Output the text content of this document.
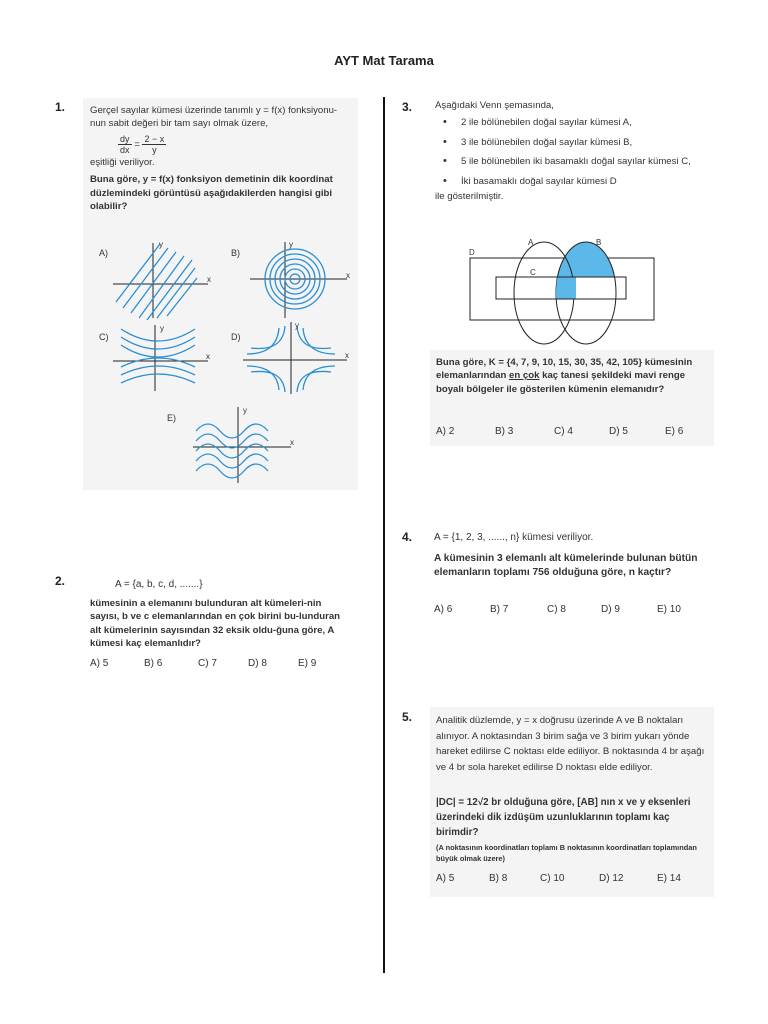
AYT Mat Tarama
1.	Gerçel sayılar kümesi üzerinde tanımlı y = f(x) fonksiyonu-
nun sabit değeri bir tam sayı olmak üzere,
$\frac{dy}{dx} = \frac{2 - x}{y}$
eşitliği veriliyor.
Buna göre, y = f(x) fonksiyon demetinin dik koordinat düzlemindeki görüntüsü aşağıdakilerden hangisi gibi olabilir?
A)
y
x
B)
y
x
C)
y
x
D)
y
x
E)
y
x
2.	A = {a, b, c, d, .......}
kümesinin a elemanını bulunduran alt kümeleri-nin sayısı, b ve c elemanlarından en çok birini bu-lunduran alt kümelerinin sayısından 32 eksik oldu-ğuna göre, A kümesi kaç elemanlıdır?
A) 5	B) 6	C) 7	D) 8	E) 9
3. Aşağıdaki Venn şemasında,
• 2 ile bölünebilen doğal sayılar kümesi A,
• 3 ile bölünebilen doğal sayılar kümesi B,
• 5 ile bölünebilen iki basamaklı doğal sayılar kümesi C,
• İki basamaklı doğal sayılar kümesi D
ile gösterilmiştir.
A	B
C
D
Buna göre, K = {4, 7, 9, 10, 15, 30, 35, 42, 105} kümesinin elemanlarından en çok kaç tanesi şekildeki mavi renge boyalı bölgeler ile gösterilen kümenin elemanıdır?
A) 2	B) 3	C) 4	D) 5	E) 6
4. A = {1, 2, 3, ......, n} kümesi veriliyor.
A kümesinin 3 elemanlı alt kümelerinde bulunan bütün elemanların toplamı 756 olduğuna göre, n kaçtır?
A) 6	B) 7	C) 8	D) 9	E) 10
5. Analitik düzlemde, y = x doğrusu üzerinde A ve B noktaları alınıyor. A noktasından 3 birim sağa ve 3 birim yukarı yönde hareket edilirse C noktası elde ediliyor. B noktasında 4 br aşağı ve 4 br sola hareket edilirse D noktası elde ediliyor.
|DC| = 12√2 br olduğuna göre, [AB] nın x ve y eksenleri üzerindeki dik izdüşüm uzunluklarının toplamı kaç birimdir?
(A noktasının koordinatları toplamı B noktasının koordinatları toplamından büyük olmak üzere)
A) 5	B) 8	C) 10	D) 12	E) 14
